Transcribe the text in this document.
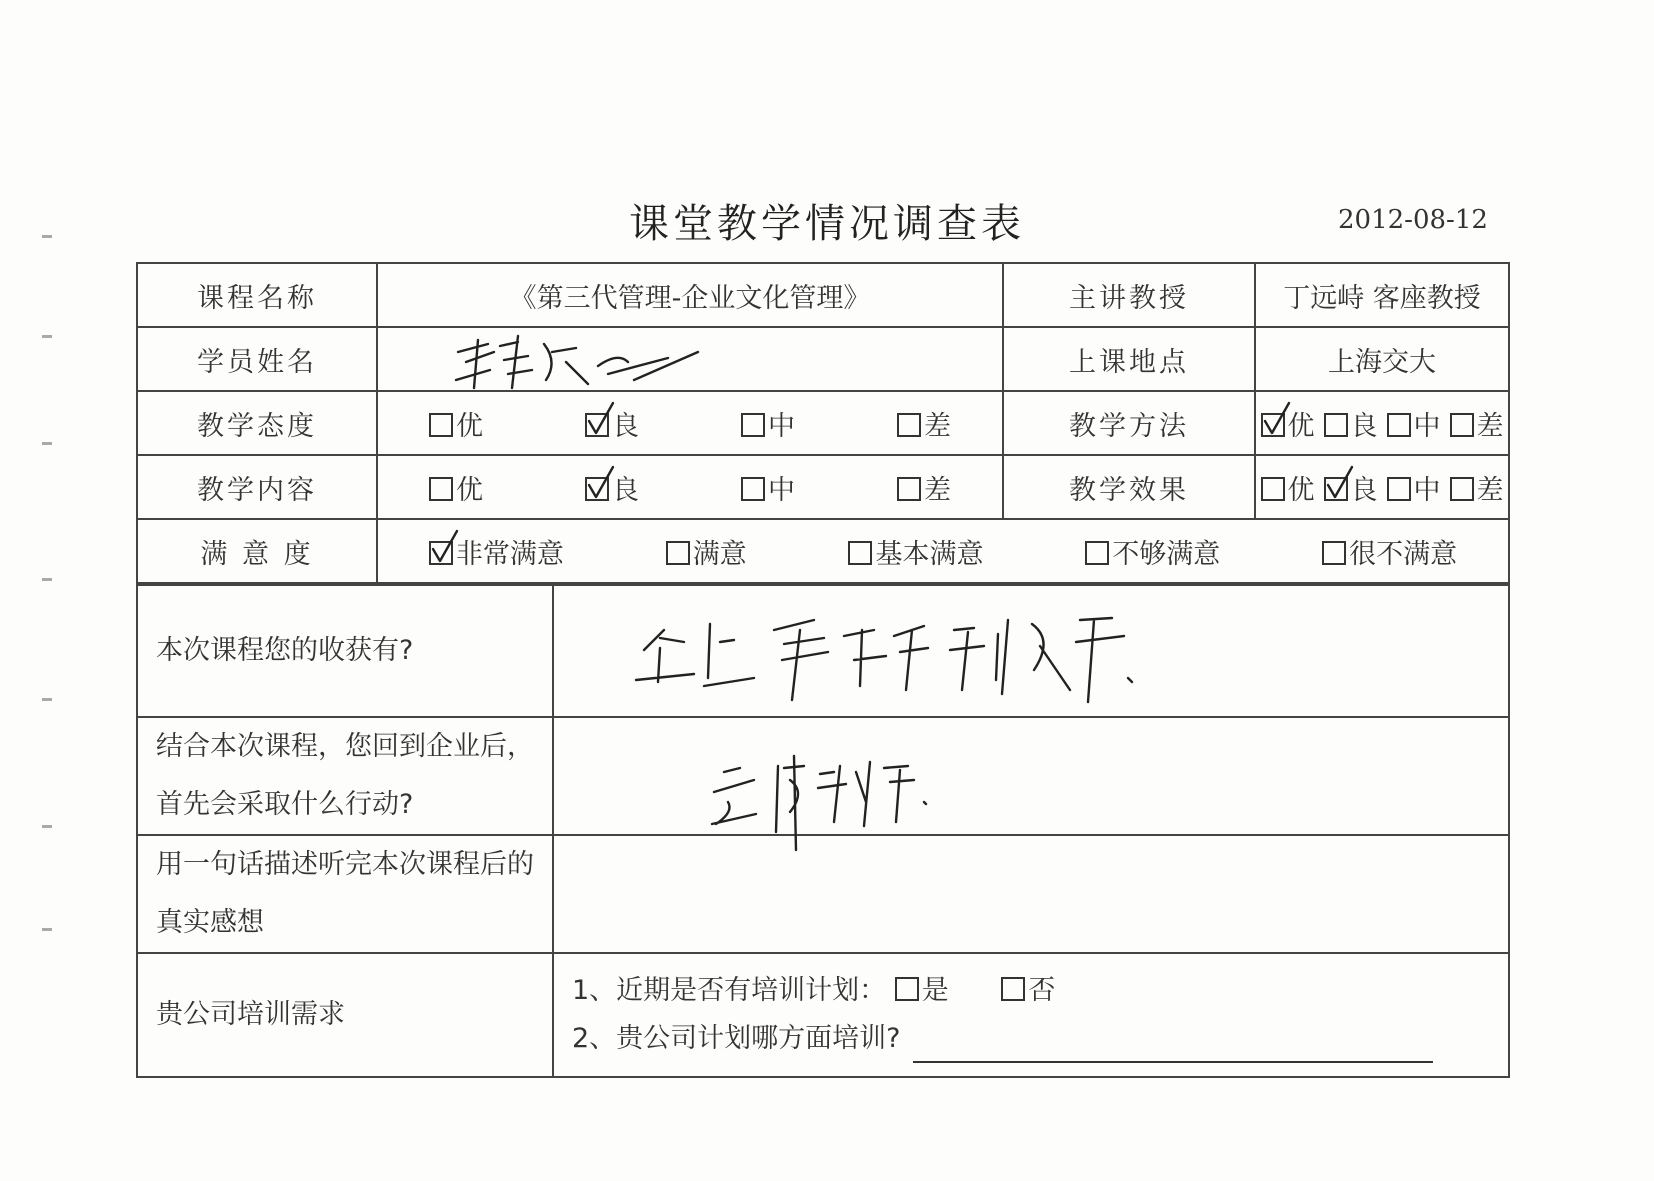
课堂教学情况调查表	2012-08-12
课程名称	《第三代管理-企业文化管理》	主讲教授	丁远峙 客座教授
学员姓名		上课地点	上海交大
教学态度	优 良 中 差	教学方法	优 良 中 差

教学内容	优 良 中 差	教学效果	优 良 中 差

满 意 度	非常满意 满意 基本满意 不够满意 很不满意		
本次课程您的收获有?	

结合本次课程，您回到企业后，首先会采取什么行动?	

用一句话描述听完本次课程后的真实感想	
贵公司培训需求	1、近期是否有培训计划： 是 否
2、贵公司计划哪方面培训?
